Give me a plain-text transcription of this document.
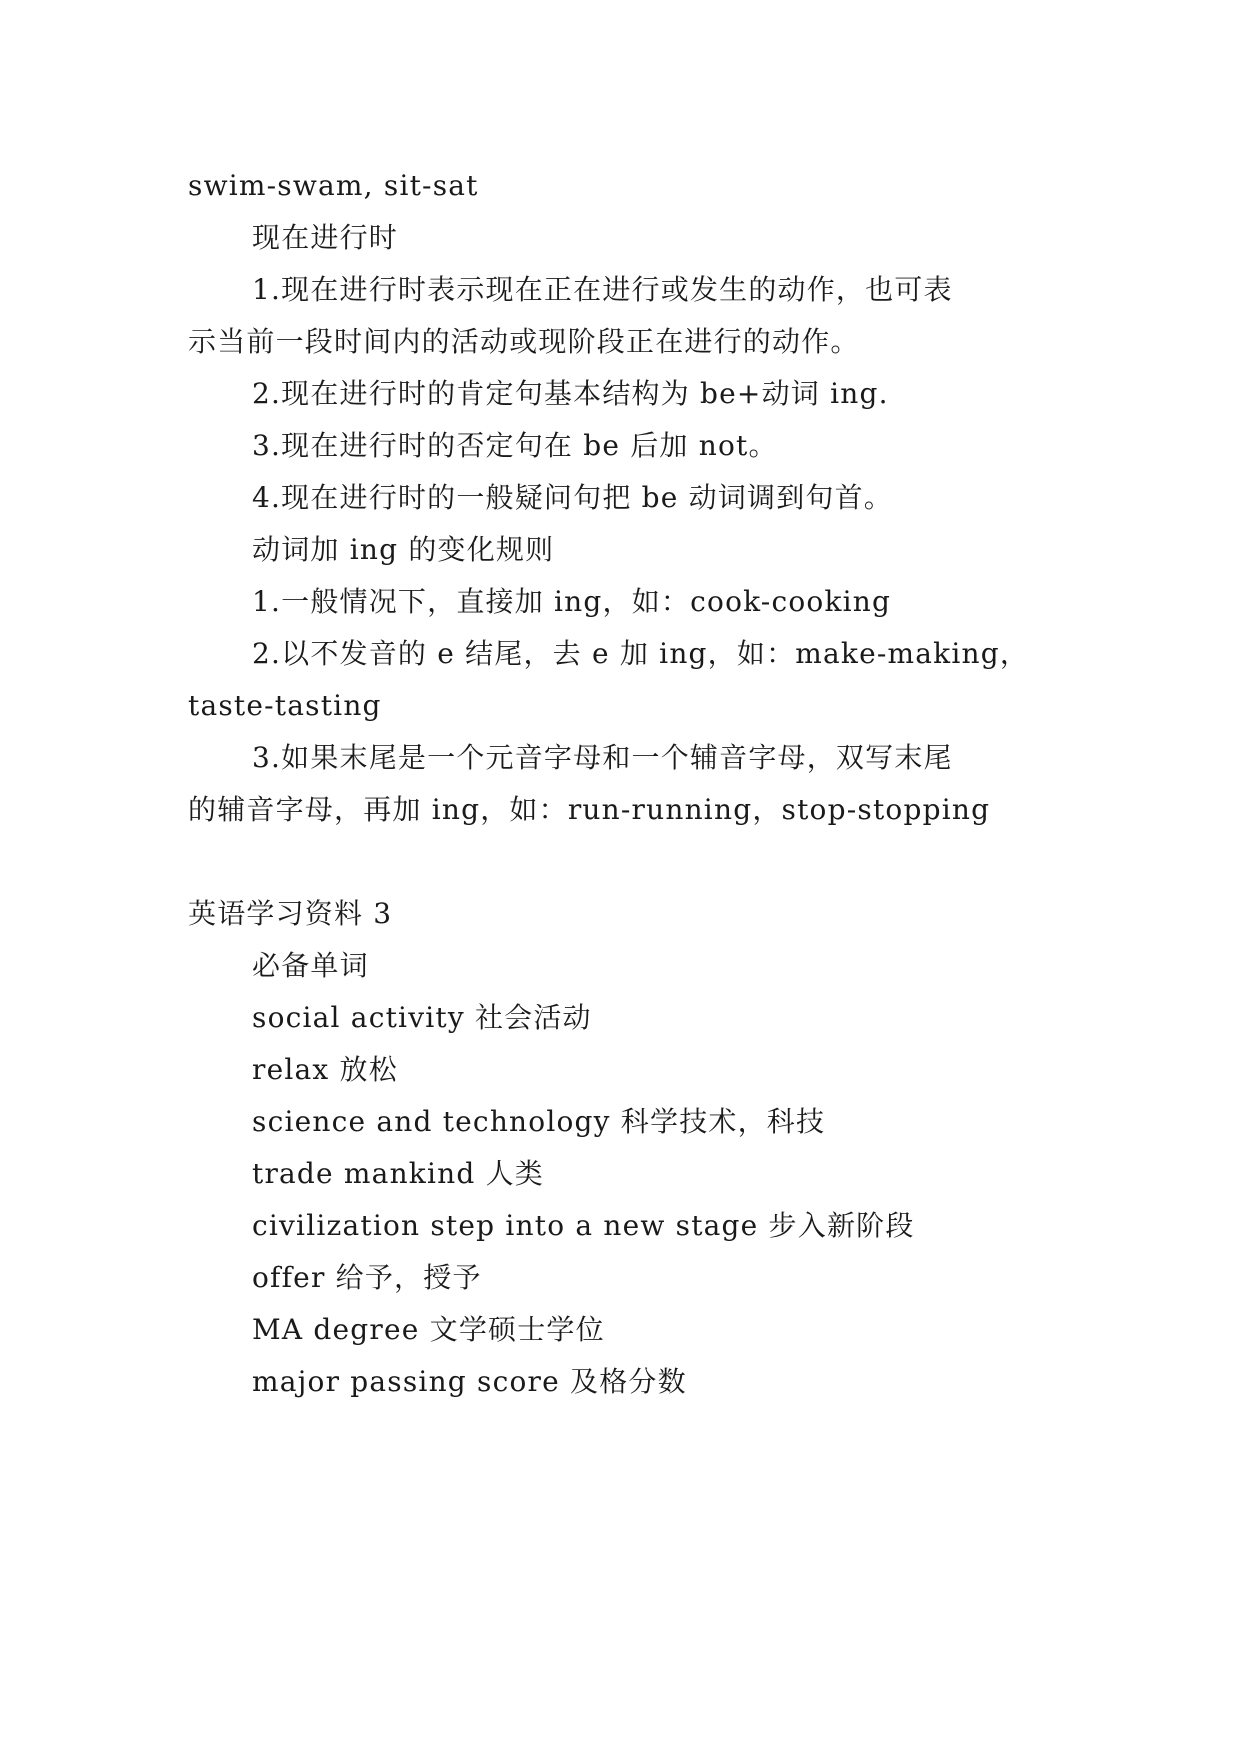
swim-swam, sit-sat
现在进行时
1.现在进行时表示现在正在进行或发生的动作，也可表
示当前一段时间内的活动或现阶段正在进行的动作。
2.现在进行时的肯定句基本结构为 be+动词 ing.
3.现在进行时的否定句在 be 后加 not。
4.现在进行时的一般疑问句把 be 动词调到句首。
动词加 ing 的变化规则
1.一般情况下，直接加 ing，如：cook-cooking
2.以不发音的 e 结尾，去 e 加 ing，如：make-making，
taste-tasting
3.如果末尾是一个元音字母和一个辅音字母，双写末尾
的辅音字母，再加 ing，如：run-running，stop-stopping
英语学习资料 3
必备单词
social activity 社会活动
relax 放松
science and technology 科学技术，科技
trade mankind 人类
civilization step into a new stage 步入新阶段
offer 给予，授予
MA degree 文学硕士学位
major passing score 及格分数
